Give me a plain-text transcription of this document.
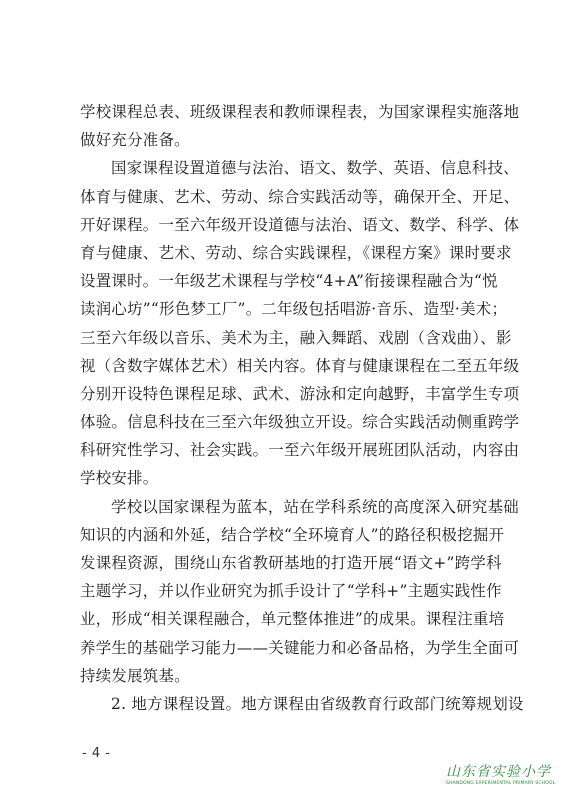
学校课程总表、班级课程表和教师课程表，为国家课程实施落地
做好充分准备。
国家课程设置道德与法治、语文、数学、英语、信息科技、
体育与健康、艺术、劳动、综合实践活动等，确保开全、开足、
开好课程。一至六年级开设道德与法治、语文、数学、科学、体
育与健康、艺术、劳动、综合实践课程，《课程方案》课时要求
设置课时。一年级艺术课程与学校“4+A”衔接课程融合为“悦
读润心坊”“形色梦工厂”。二年级包括唱游·音乐、造型·美术；
三至六年级以音乐、美术为主，融入舞蹈、戏剧（含戏曲）、影
视（含数字媒体艺术）相关内容。体育与健康课程在二至五年级
分别开设特色课程足球、武术、游泳和定向越野，丰富学生专项
体验。信息科技在三至六年级独立开设。综合实践活动侧重跨学
科研究性学习、社会实践。一至六年级开展班团队活动，内容由
学校安排。
学校以国家课程为蓝本，站在学科系统的高度深入研究基础
知识的内涵和外延，结合学校“全环境育人”的路径积极挖掘开
发课程资源，围绕山东省教研基地的打造开展“语文+”跨学科
主题学习，并以作业研究为抓手设计了“学科+”主题实践性作
业，形成“相关课程融合，单元整体推进”的成果。课程注重培
养学生的基础学习能力——关键能力和必备品格，为学生全面可
持续发展筑基。
2. 地方课程设置。地方课程由省级教育行政部门统筹规划设
- 4 -
山东省实验小学
SHANDONG EXPERIMENTAL PRIMARY SCHOOL
